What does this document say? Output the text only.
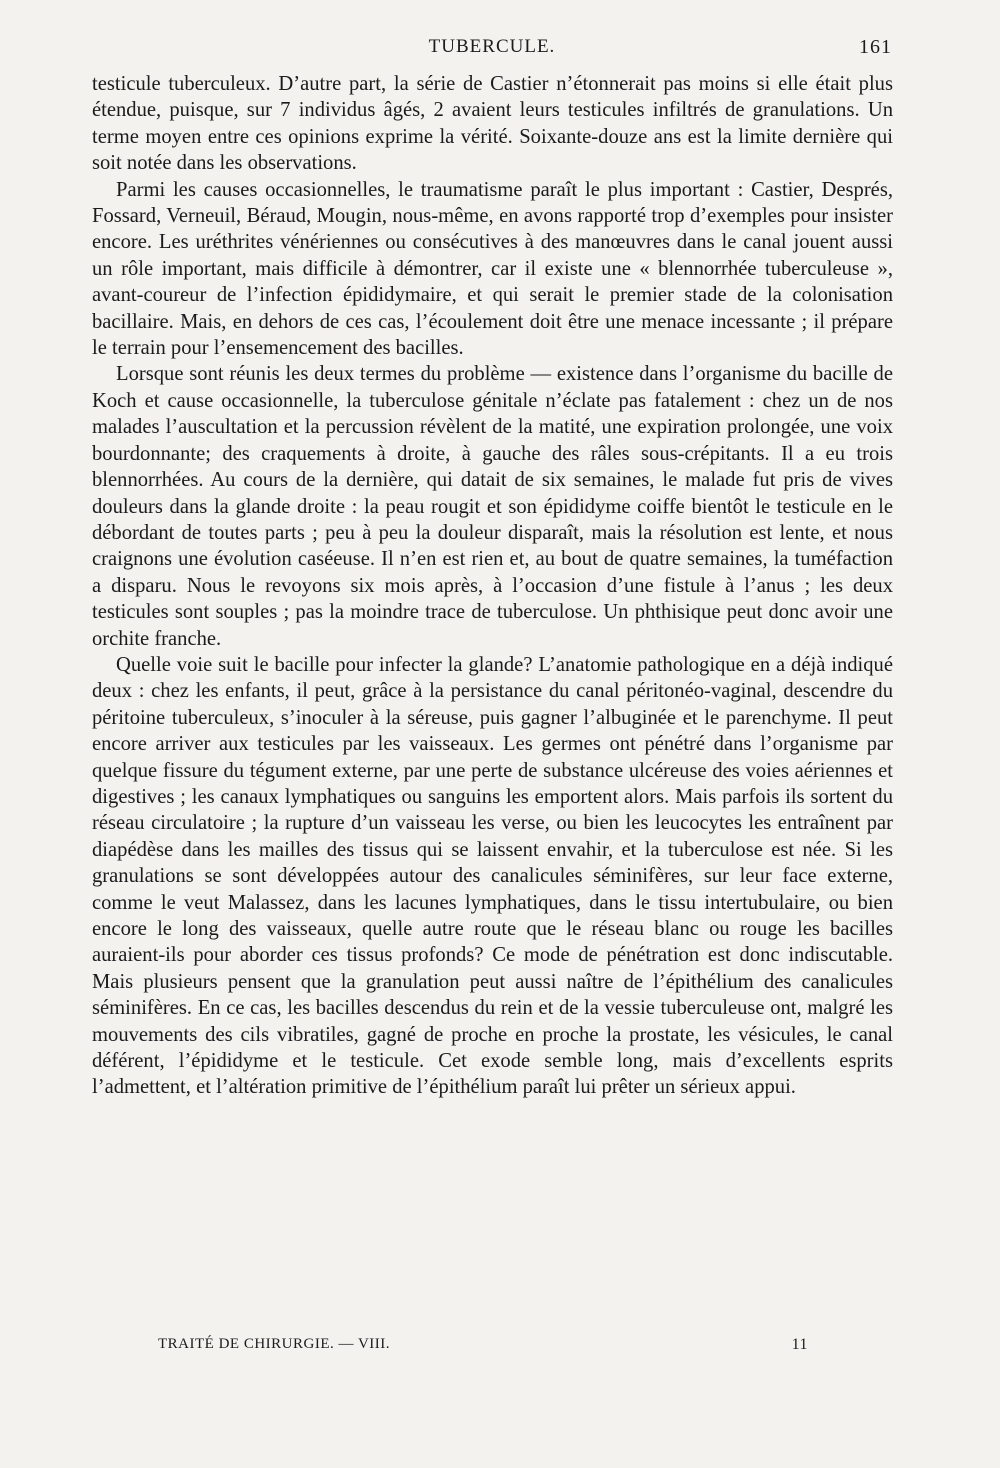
TUBERCULE.	161

testicule tuberculeux. D’autre part, la série de Castier n’étonnerait pas moins si elle était plus étendue, puisque, sur 7 individus âgés, 2 avaient leurs testicules infiltrés de granulations. Un terme moyen entre ces opinions exprime la vérité. Soixante-douze ans est la limite dernière qui soit notée dans les observations.

Parmi les causes occasionnelles, le traumatisme paraît le plus important : Castier, Després, Fossard, Verneuil, Béraud, Mougin, nous-même, en avons rapporté trop d’exemples pour insister encore. Les uréthrites vénériennes ou consécutives à des manœuvres dans le canal jouent aussi un rôle important, mais difficile à démontrer, car il existe une « blennorrhée tuberculeuse », avant-coureur de l’infection épididymaire, et qui serait le premier stade de la colonisation bacillaire. Mais, en dehors de ces cas, l’écoulement doit être une menace incessante ; il prépare le terrain pour l’ensemencement des bacilles.

Lorsque sont réunis les deux termes du problème — existence dans l’organisme du bacille de Koch et cause occasionnelle, la tuberculose génitale n’éclate pas fatalement : chez un de nos malades l’auscultation et la percussion révèlent de la matité, une expiration prolongée, une voix bourdonnante; des craquements à droite, à gauche des râles sous-crépitants. Il a eu trois blennorrhées. Au cours de la dernière, qui datait de six semaines, le malade fut pris de vives douleurs dans la glande droite : la peau rougit et son épididyme coiffe bientôt le testicule en le débordant de toutes parts ; peu à peu la douleur disparaît, mais la résolution est lente, et nous craignons une évolution caséeuse. Il n’en est rien et, au bout de quatre semaines, la tuméfaction a disparu. Nous le revoyons six mois après, à l’occasion d’une fistule à l’anus ; les deux testicules sont souples ; pas la moindre trace de tuberculose. Un phthisique peut donc avoir une orchite franche.

Quelle voie suit le bacille pour infecter la glande? L’anatomie pathologique en a déjà indiqué deux : chez les enfants, il peut, grâce à la persistance du canal péritonéo-vaginal, descendre du péritoine tuberculeux, s’inoculer à la séreuse, puis gagner l’albuginée et le parenchyme. Il peut encore arriver aux testicules par les vaisseaux. Les germes ont pénétré dans l’organisme par quelque fissure du tégument externe, par une perte de substance ulcéreuse des voies aériennes et digestives ; les canaux lymphatiques ou sanguins les emportent alors. Mais parfois ils sortent du réseau circulatoire ; la rupture d’un vaisseau les verse, ou bien les leucocytes les entraînent par diapédèse dans les mailles des tissus qui se laissent envahir, et la tuberculose est née. Si les granulations se sont développées autour des canalicules séminifères, sur leur face externe, comme le veut Malassez, dans les lacunes lymphatiques, dans le tissu intertubulaire, ou bien encore le long des vaisseaux, quelle autre route que le réseau blanc ou rouge les bacilles auraient-ils pour aborder ces tissus profonds? Ce mode de pénétration est donc indiscutable. Mais plusieurs pensent que la granulation peut aussi naître de l’épithélium des canalicules séminifères. En ce cas, les bacilles descendus du rein et de la vessie tuberculeuse ont, malgré les mouvements des cils vibratiles, gagné de proche en proche la prostate, les vésicules, le canal déférent, l’épididyme et le testicule. Cet exode semble long, mais d’excellents esprits l’admettent, et l’altération primitive de l’épithélium paraît lui prêter un sérieux appui.

TRAITÉ DE CHIRURGIE. — VIII.	11
